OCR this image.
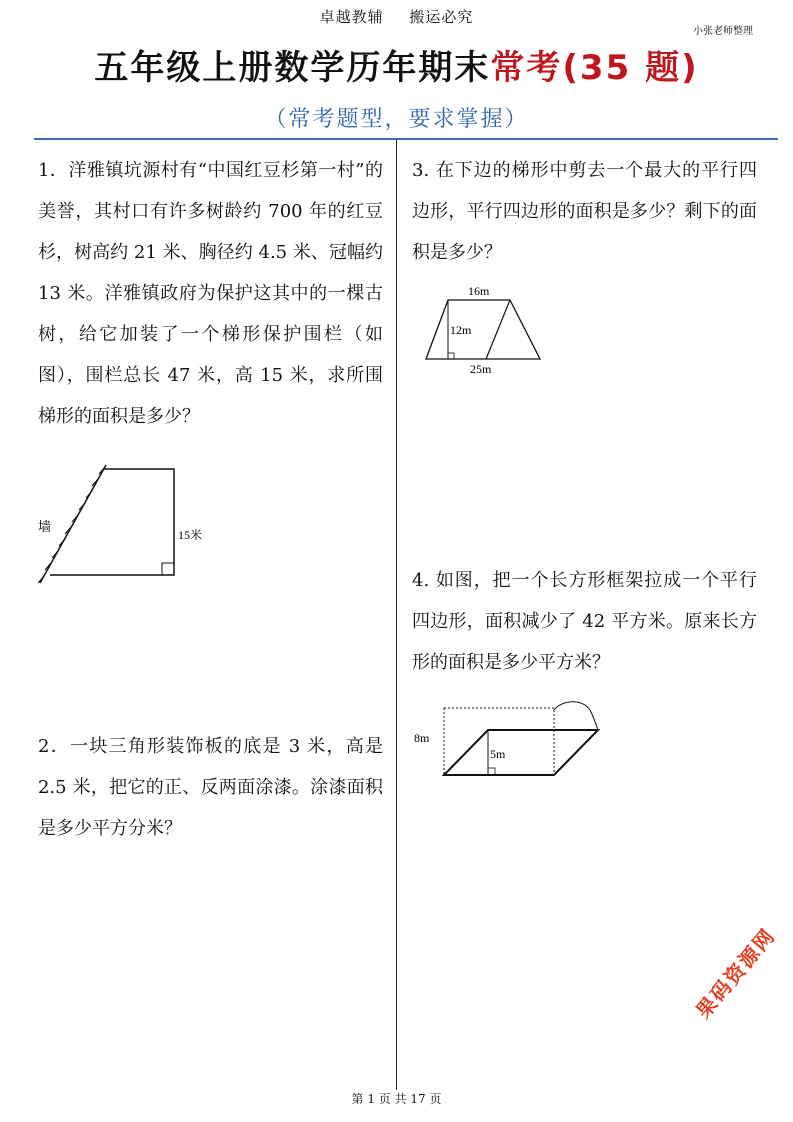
卓越教辅 搬运必究
小张老师整理
五年级上册数学历年期末常考(35 题)
（常考题型，要求掌握）
1．洋雅镇坑源村有“中国红豆杉第一村”的美誉，其村口有许多树龄约 700 年的红豆杉，树高约 21 米、胸径约 4.5 米、冠幅约 13 米。洋雅镇政府为保护这其中的一棵古树，给它加装了一个梯形保护围栏（如图），围栏总长 47 米，高 15 米，求所围梯形的面积是多少？
墙
15米
2．一块三角形装饰板的底是 3 米，高是 2.5 米，把它的正、反两面涂漆。涂漆面积是多少平方分米？
3. 在下边的梯形中剪去一个最大的平行四边形，平行四边形的面积是多少？剩下的面积是多少？
16m
12m
25m
4. 如图，把一个长方形框架拉成一个平行四边形，面积减少了 42 平方米。原来长方形的面积是多少平方米？
8m
5m
第 1 页 共 17 页
果码资源网
